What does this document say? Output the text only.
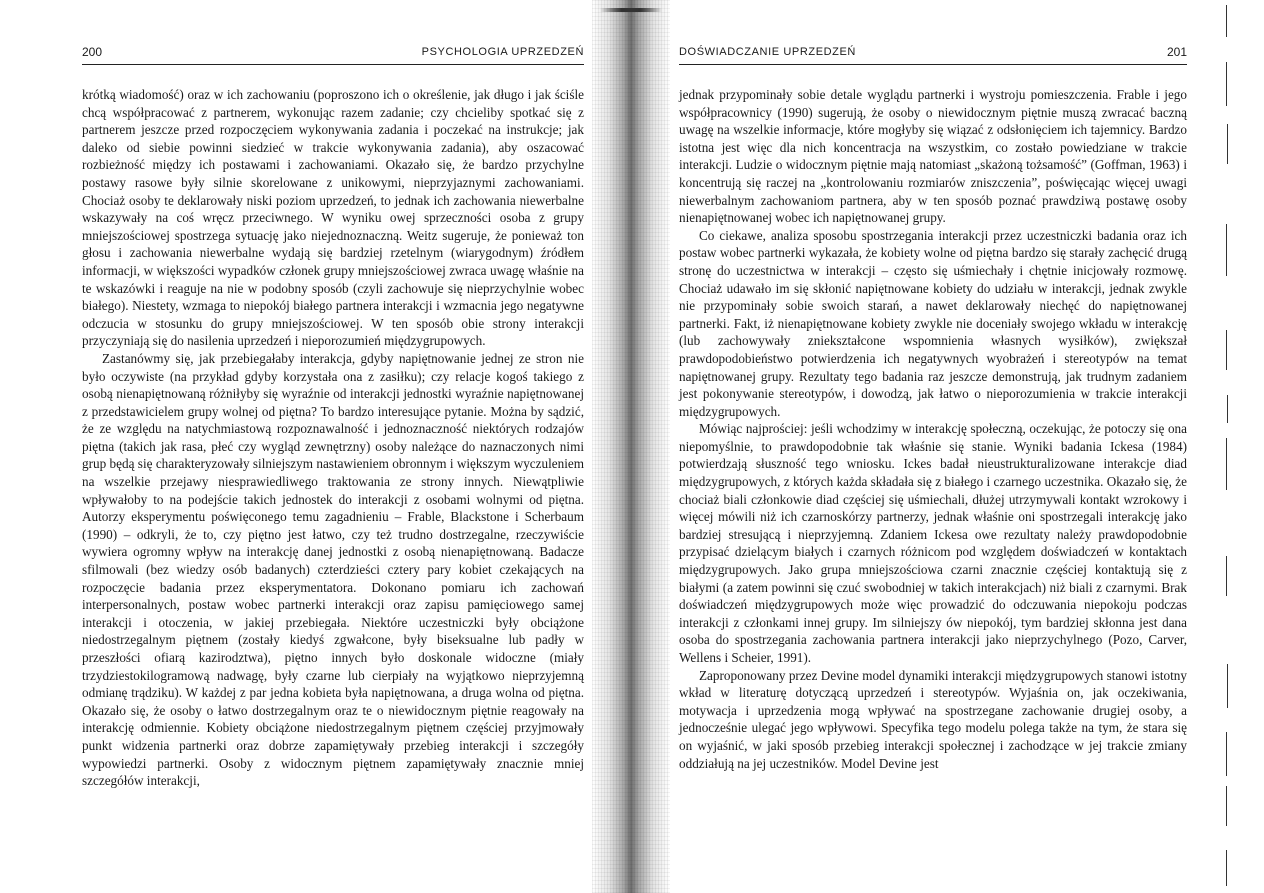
200	PSYCHOLOGIA UPRZEDZEŃ

krótką wiadomość) oraz w ich zachowaniu (poproszono ich o określenie, jak długo i jak ściśle chcą współpracować z partnerem, wykonując razem zadanie; czy chcieliby spotkać się z partnerem jeszcze przed rozpoczęciem wykonywania zadania i poczekać na instrukcje; jak daleko od siebie powinni siedzieć w trakcie wykonywania zadania), aby oszacować rozbieżność między ich postawami i zachowaniami. Okazało się, że bardzo przychylne postawy rasowe były silnie skorelowane z unikowymi, nieprzyjaznymi zachowaniami. Chociaż osoby te deklarowały niski poziom uprzedzeń, to jednak ich zachowania niewerbalne wskazywały na coś wręcz przeciwnego. W wyniku owej sprzeczności osoba z grupy mniejszościowej spostrzega sytuację jako niejednoznaczną. Weitz sugeruje, że ponieważ ton głosu i zachowania niewerbalne wydają się bardziej rzetelnym (wiarygodnym) źródłem informacji, w większości wypadków członek grupy mniejszościowej zwraca uwagę właśnie na te wskazówki i reaguje na nie w podobny sposób (czyli zachowuje się nieprzychylnie wobec białego). Niestety, wzmaga to niepokój białego partnera interakcji i wzmacnia jego negatywne odczucia w stosunku do grupy mniejszościowej. W ten sposób obie strony interakcji przyczyniają się do nasilenia uprzedzeń i nieporozumień międzygrupowych.

Zastanówmy się, jak przebiegałaby interakcja, gdyby napiętnowanie jednej ze stron nie było oczywiste (na przykład gdyby korzystała ona z zasiłku); czy relacje kogoś takiego z osobą nienapiętnowaną różniłyby się wyraźnie od interakcji jednostki wyraźnie napiętnowanej z przedstawicielem grupy wolnej od piętna? To bardzo interesujące pytanie. Można by sądzić, że ze względu na natychmiastową rozpoznawalność i jednoznaczność niektórych rodzajów piętna (takich jak rasa, płeć czy wygląd zewnętrzny) osoby należące do naznaczonych nimi grup będą się charakteryzowały silniejszym nastawieniem obronnym i większym wyczuleniem na wszelkie przejawy niesprawiedliwego traktowania ze strony innych. Niewątpliwie wpływałoby to na podejście takich jednostek do interakcji z osobami wolnymi od piętna. Autorzy eksperymentu poświęconego temu zagadnieniu – Frable, Blackstone i Scherbaum (1990) – odkryli, że to, czy piętno jest łatwo, czy też trudno dostrzegalne, rzeczywiście wywiera ogromny wpływ na interakcję danej jednostki z osobą nienapiętnowaną. Badacze sfilmowali (bez wiedzy osób badanych) czterdzieści cztery pary kobiet czekających na rozpoczęcie badania przez eksperymentatora. Dokonano pomiaru ich zachowań interpersonalnych, postaw wobec partnerki interakcji oraz zapisu pamięciowego samej interakcji i otoczenia, w jakiej przebiegała. Niektóre uczestniczki były obciążone niedostrzegalnym piętnem (zostały kiedyś zgwałcone, były biseksualne lub padły w przeszłości ofiarą kazirodztwa), piętno innych było doskonale widoczne (miały trzydziestokilogramową nadwagę, były czarne lub cierpiały na wyjątkowo nieprzyjemną odmianę trądziku). W każdej z par jedna kobieta była napiętnowana, a druga wolna od piętna. Okazało się, że osoby o łatwo dostrzegalnym oraz te o niewidocznym piętnie reagowały na interakcję odmiennie. Kobiety obciążone niedostrzegalnym piętnem częściej przyjmowały punkt widzenia partnerki oraz dobrze zapamiętywały przebieg interakcji i szczegóły wypowiedzi partnerki. Osoby z widocznym piętnem zapamiętywały znacznie mniej szczegółów interakcji,

DOŚWIADCZANIE UPRZEDZEŃ	201

jednak przypominały sobie detale wyglądu partnerki i wystroju pomieszczenia. Frable i jego współpracownicy (1990) sugerują, że osoby o niewidocznym piętnie muszą zwracać baczną uwagę na wszelkie informacje, które mogłyby się wiązać z odsłonięciem ich tajemnicy. Bardzo istotna jest więc dla nich koncentracja na wszystkim, co zostało powiedziane w trakcie interakcji. Ludzie o widocznym piętnie mają natomiast „skażoną tożsamość” (Goffman, 1963) i koncentrują się raczej na „kontrolowaniu rozmiarów zniszczenia”, poświęcając więcej uwagi niewerbalnym zachowaniom partnera, aby w ten sposób poznać prawdziwą postawę osoby nienapiętnowanej wobec ich napiętnowanej grupy.

Co ciekawe, analiza sposobu spostrzegania interakcji przez uczestniczki badania oraz ich postaw wobec partnerki wykazała, że kobiety wolne od piętna bardzo się starały zachęcić drugą stronę do uczestnictwa w interakcji – często się uśmiechały i chętnie inicjowały rozmowę. Chociaż udawało im się skłonić napiętnowane kobiety do udziału w interakcji, jednak zwykle nie przypominały sobie swoich starań, a nawet deklarowały niechęć do napiętnowanej partnerki. Fakt, iż nienapiętnowane kobiety zwykle nie doceniały swojego wkładu w interakcję (lub zachowywały zniekształcone wspomnienia własnych wysiłków), zwiększał prawdopodobieństwo potwierdzenia ich negatywnych wyobrażeń i stereotypów na temat napiętnowanej grupy. Rezultaty tego badania raz jeszcze demonstrują, jak trudnym zadaniem jest pokonywanie stereotypów, i dowodzą, jak łatwo o nieporozumienia w trakcie interakcji międzygrupowych.

Mówiąc najprościej: jeśli wchodzimy w interakcję społeczną, oczekując, że potoczy się ona niepomyślnie, to prawdopodobnie tak właśnie się stanie. Wyniki badania Ickesa (1984) potwierdzają słuszność tego wniosku. Ickes badał nieustrukturalizowane interakcje diad międzygrupowych, z których każda składała się z białego i czarnego uczestnika. Okazało się, że chociaż biali członkowie diad częściej się uśmiechali, dłużej utrzymywali kontakt wzrokowy i więcej mówili niż ich czarnoskórzy partnerzy, jednak właśnie oni spostrzegali interakcję jako bardziej stresującą i nieprzyjemną. Zdaniem Ickesa owe rezultaty należy prawdopodobnie przypisać dzielącym białych i czarnych różnicom pod względem doświadczeń w kontaktach międzygrupowych. Jako grupa mniejszościowa czarni znacznie częściej kontaktują się z białymi (a zatem powinni się czuć swobodniej w takich interakcjach) niż biali z czarnymi. Brak doświadczeń międzygrupowych może więc prowadzić do odczuwania niepokoju podczas interakcji z członkami innej grupy. Im silniejszy ów niepokój, tym bardziej skłonna jest dana osoba do spostrzegania zachowania partnera interakcji jako nieprzychylnego (Pozo, Carver, Wellens i Scheier, 1991).

Zaproponowany przez Devine model dynamiki interakcji międzygrupowych stanowi istotny wkład w literaturę dotyczącą uprzedzeń i stereotypów. Wyjaśnia on, jak oczekiwania, motywacja i uprzedzenia mogą wpływać na spostrzegane zachowanie drugiej osoby, a jednocześnie ulegać jego wpływowi. Specyfika tego modelu polega także na tym, że stara się on wyjaśnić, w jaki sposób przebieg interakcji społecznej i zachodzące w jej trakcie zmiany oddziałują na jej uczestników. Model Devine jest
